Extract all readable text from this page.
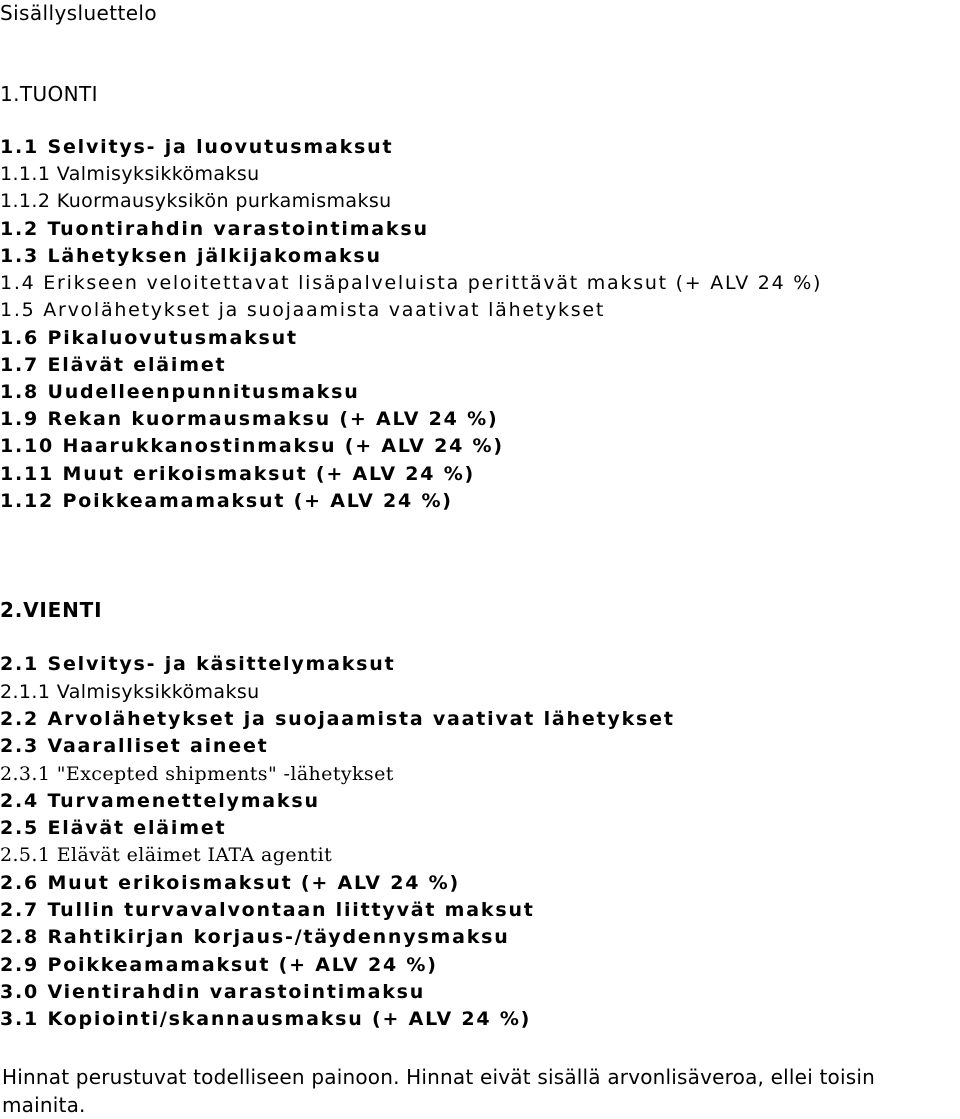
Sisällysluettelo
1.TUONTI
1.1 Selvitys- ja luovutusmaksut
1.1.1 Valmisyksikkömaksu
1.1.2 Kuormausyksikön purkamismaksu
1.2 Tuontirahdin varastointimaksu
1.3 Lähetyksen jälkijakomaksu
1.4 Erikseen veloitettavat lisäpalveluista perittävät maksut (+ ALV 24 %)
1.5 Arvolähetykset ja suojaamista vaativat lähetykset
1.6 Pikaluovutusmaksut
1.7 Elävät eläimet
1.8 Uudelleenpunnitusmaksu
1.9 Rekan kuormausmaksu (+ ALV 24 %)
1.10 Haarukkanostinmaksu (+ ALV 24 %)
1.11 Muut erikoismaksut (+ ALV 24 %)
1.12 Poikkeamamaksut (+ ALV 24 %)
2.VIENTI
2.1 Selvitys- ja käsittelymaksut
2.1.1 Valmisyksikkömaksu
2.2 Arvolähetykset ja suojaamista vaativat lähetykset
2.3 Vaaralliset aineet
2.3.1 "Excepted shipments" -lähetykset
2.4 Turvamenettelymaksu
2.5 Elävät eläimet
2.5.1 Elävät eläimet IATA agentit
2.6 Muut erikoismaksut (+ ALV 24 %)
2.7 Tullin turvavalvontaan liittyvät maksut
2.8 Rahtikirjan korjaus-/täydennysmaksu
2.9 Poikkeamamaksut (+ ALV 24 %)
3.0 Vientirahdin varastointimaksu
3.1 Kopiointi/skannausmaksu (+ ALV 24 %)
Hinnat perustuvat todelliseen painoon. Hinnat eivät sisällä arvonlisäveroa, ellei toisin mainita.
